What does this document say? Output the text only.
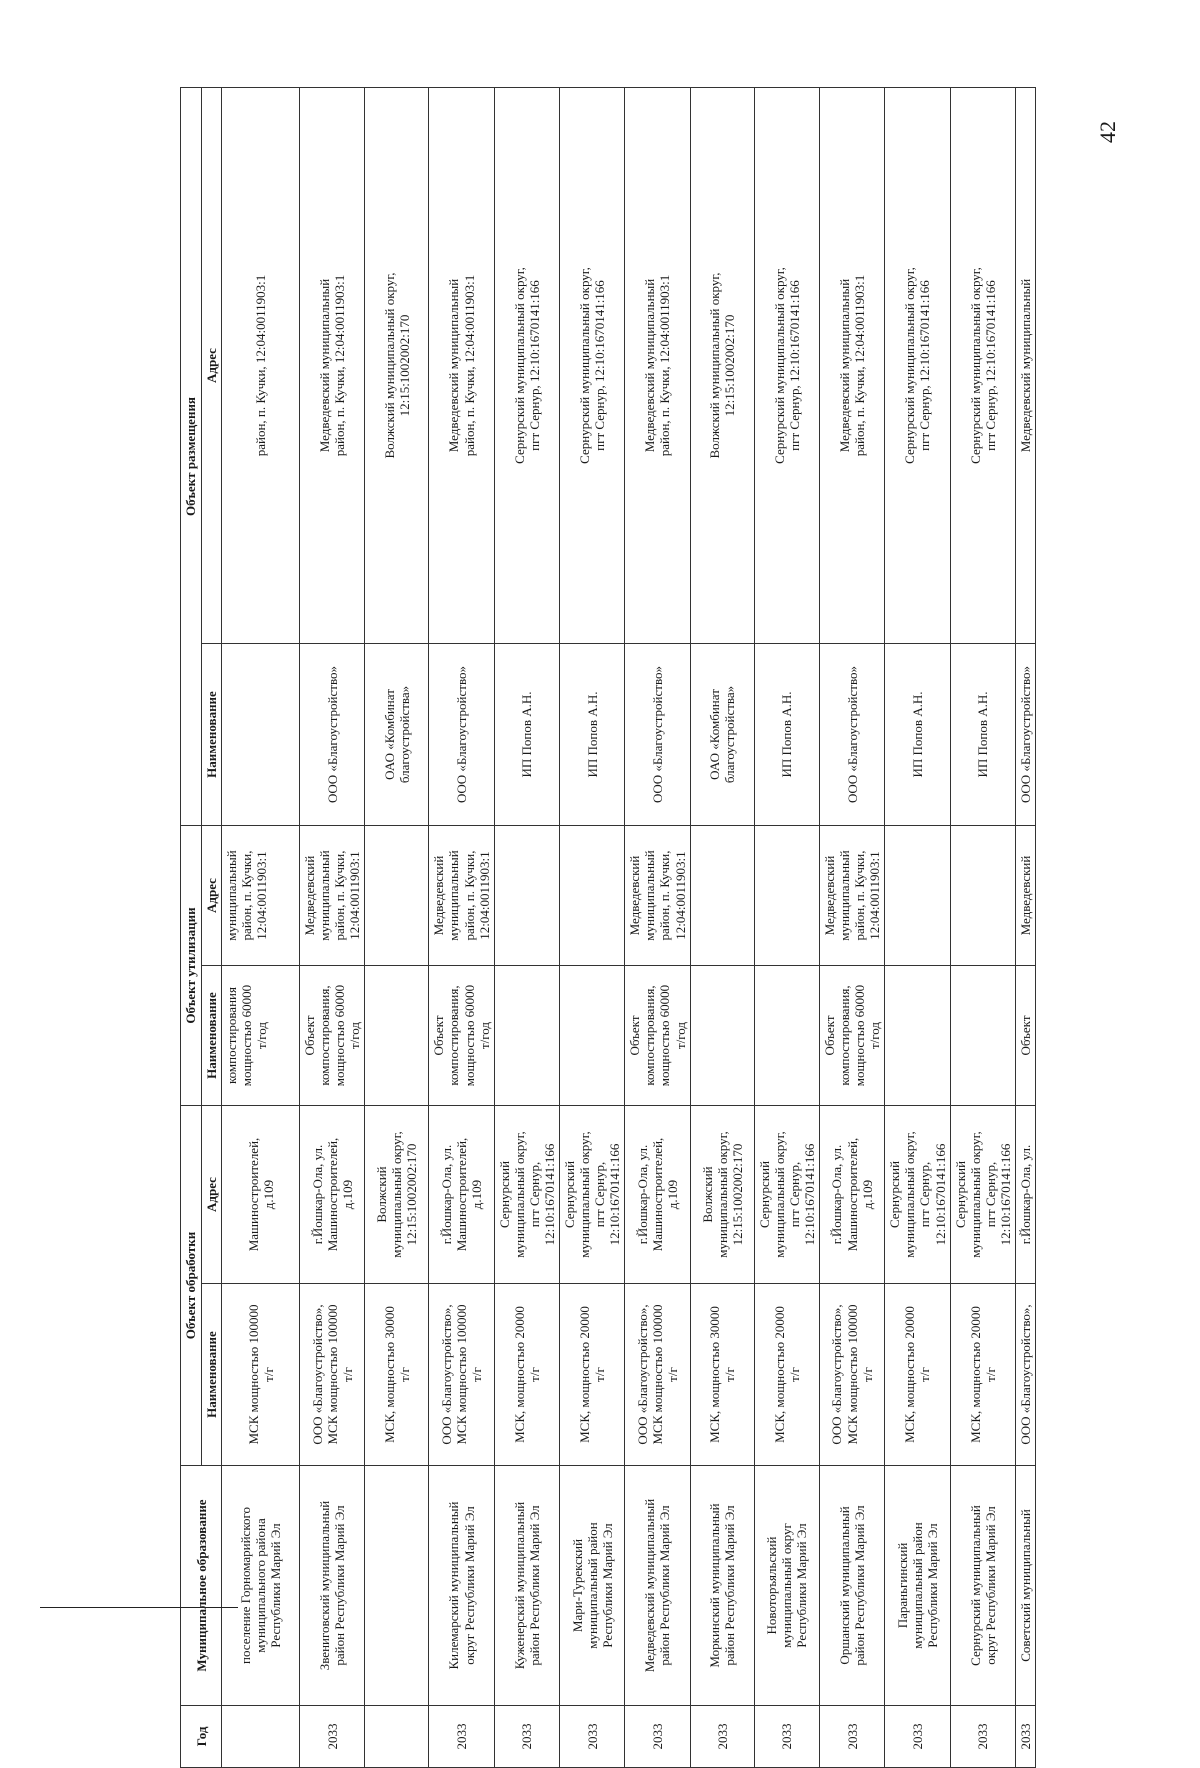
42
Год	Муниципальное образование	Объект обработки		Объект утилизации		Объект размещения	
		Наименование	Адрес	Наименование	Адрес	Наименование	Адрес

	поселение Горномарийского
муниципального района
Республики Марий Эл	МСК мощностью 100000
т/г	Машиностроителей,
д.109	компостирования
мощностью 60000
т/год	муниципальный
район, п. Кучки,
12:04:0011903:1		район, п. Кучки, 12:04:0011903:1

2033	Звениговский муниципальный
район Республики Марий Эл	ООО «Благоустройство»,
МСК мощностью 100000
т/г	г.Йошкар-Ола, ул.
Машиностроителей,
д.109	Объект
компостирования,
мощностью 60000
т/год	Медведевский
муниципальный
район, п. Кучки,
12:04:0011903:1	ООО «Благоустройство»	Медведевский муниципальный
район, п. Кучки, 12:04:0011903:1

		МСК, мощностью 30000
т/г	Волжский
муниципальный округ,
12:15:1002002:170			ОАО «Комбинат
благоустройства»	Волжский муниципальный округ,
12:15:1002002:170

2033	Килемарский муниципальный
округ Республики Марий Эл	ООО «Благоустройство»,
МСК мощностью 100000
т/г	г.Йошкар-Ола, ул.
Машиностроителей,
д.109	Объект
компостирования,
мощностью 60000
т/год	Медведевский
муниципальный
район, п. Кучки,
12:04:0011903:1	ООО «Благоустройство»	Медведевский муниципальный
район, п. Кучки, 12:04:0011903:1

2033	Куженерский муниципальный
район Республики Марий Эл	МСК, мощностью 20000
т/г	Сернурский
муниципальный округ,
пгт Сернур,
12:10:1670141:166			ИП Попов А.Н.	Сернурский муниципальный округ,
пгт Сернур, 12:10:1670141:166

2033	Мари-Турекский
муниципальный район
Республики Марий Эл	МСК, мощностью 20000
т/г	Сернурский
муниципальный округ,
пгт Сернур,
12:10:1670141:166			ИП Попов А.Н.	Сернурский муниципальный округ,
пгт Сернур, 12:10:1670141:166

2033	Медведевский муниципальный
район Республики Марий Эл	ООО «Благоустройство»,
МСК мощностью 100000
т/г	г.Йошкар-Ола, ул.
Машиностроителей,
д.109	Объект
компостирования,
мощностью 60000
т/год	Медведевский
муниципальный
район, п. Кучки,
12:04:0011903:1	ООО «Благоустройство»	Медведевский муниципальный
район, п. Кучки, 12:04:0011903:1

2033	Моркинский муниципальный
район Республики Марий Эл	МСК, мощностью 30000
т/г	Волжский
муниципальный округ,
12:15:1002002:170			ОАО «Комбинат
благоустройства»	Волжский муниципальный округ,
12:15:1002002:170

2033	Новоторъяльский
муниципальный округ
Республики Марий Эл	МСК, мощностью 20000
т/г	Сернурский
муниципальный округ,
пгт Сернур,
12:10:1670141:166			ИП Попов А.Н.	Сернурский муниципальный округ,
пгт Сернур, 12:10:1670141:166

2033	Оршанский муниципальный
район Республики Марий Эл	ООО «Благоустройство»,
МСК мощностью 100000
т/г	г.Йошкар-Ола, ул.
Машиностроителей,
д.109	Объект
компостирования,
мощностью 60000
т/год	Медведевский
муниципальный
район, п. Кучки,
12:04:0011903:1	ООО «Благоустройство»	Медведевский муниципальный
район, п. Кучки, 12:04:0011903:1

2033	Параньгинский
муниципальный район
Республики Марий Эл	МСК, мощностью 20000
т/г	Сернурский
муниципальный округ,
пгт Сернур,
12:10:1670141:166			ИП Попов А.Н.	Сернурский муниципальный округ,
пгт Сернур, 12:10:1670141:166

2033	Сернурский муниципальный
округ Республики Марий Эл	МСК, мощностью 20000
т/г	Сернурский
муниципальный округ,
пгт Сернур,
12:10:1670141:166			ИП Попов А.Н.	Сернурский муниципальный округ,
пгт Сернур, 12:10:1670141:166

2033	Советский муниципальный	ООО «Благоустройство»,	г.Йошкар-Ола, ул.	Объект	Медведевский	ООО «Благоустройство»	Медведевский муниципальный
